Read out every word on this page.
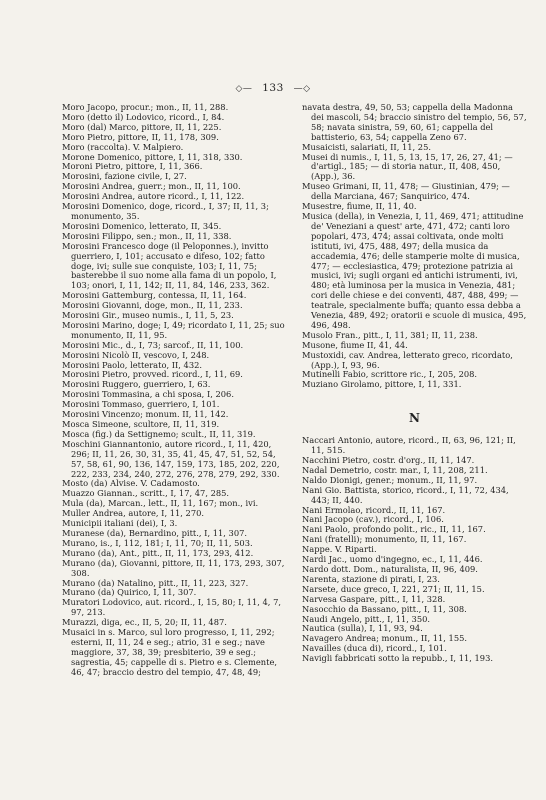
◇— 133 —◇

Moro Jacopo, procur.; mon., II, 11, 288.

Moro (detto il) Lodovico, ricord., I, 84.

Moro (dal) Marco, pittore, II, 11, 225.

Moro Pietro, pittore, II, 11, 178, 309.

Moro (raccolta). V. Malpiero.

Morone Domenico, pittore, I, 11, 318, 330.

Moroni Pietro, pittore, I, 11, 366.

Morosini, fazione civile, I, 27.

Morosini Andrea, guerr.; mon., II, 11, 100.

Morosini Andrea, autore ricord., I, 11, 122.

Morosini Domenico, doge, ricord., I, 37; II, 11, 3; monumento, 35.

Morosini Domenico, letterato, II, 345.

Morosini Filippo, sen.; mon., II, 11, 338.

Morosini Francesco doge (il Peloponnes.), invitto guerriero, I, 101; accusato e difeso, 102; fatto doge, ivi; sulle sue conquiste, 103; I, 11, 75; basterebbe il suo nome alla fama di un popolo, I, 103; onori, I, 11, 142; II, 11, 84, 146, 233, 362.

Morosini Gattemburg, contessa, II, 11, 164.

Morosini Giovanni, doge, mon., II, 11, 233.

Morosini Gir., museo numis., I, 11, 5, 23.

Morosini Marino, doge; I, 49; ricordato I, 11, 25; suo monumento, II, 11, 95.

Morosini Mic., d., I, 73; sarcof., II, 11, 100.

Morosini Nicolò II, vescovo, I, 248.

Morosini Paolo, letterato, II, 432.

Morosini Pietro, provved. ricord., I, 11, 69.

Morosini Ruggero, guerriero, I, 63.

Morosini Tommasina, a chi sposa, I, 206.

Morosini Tommaso, guerriero, I, 101.

Morosini Vincenzo; monum. II, 11, 142.

Mosca Simeone, scultore, II, 11, 319.

Mosca (fig.) da Settignemo; scult., II, 11, 319.

Moschini Giannantonio, autore ricord., I, 11, 420, 296; II, 11, 26, 30, 31, 35, 41, 45, 47, 51, 52, 54, 57, 58, 61, 90, 136, 147, 159, 173, 185, 202, 220, 222, 233, 234, 240, 272, 276, 278, 279, 292, 330.

Mosto (da) Alvise. V. Cadamosto.

Muazzo Giannan., scritt., I, 17, 47, 285.

Mula (da), Marcan., lett., II, 11, 167; mon., ivi.

Muller Andrea, autore, I, 11, 270.

Municipii italiani (dei), I, 3.

Muranese (da), Bernardino, pitt., I, 11, 307.

Murano, is., I, 112, 181; I, 11, 70; II, 11, 503.

Murano (da), Ant., pitt., II, 11, 173, 293, 412.

Murano (da), Giovanni, pittore, II, 11, 173, 293, 307, 308.

Murano (da) Natalino, pitt., II, 11, 223, 327.

Murano (da) Quirico, I, 11, 307.

Muratori Lodovico, aut. ricord., I, 15, 80; I, 11, 4, 7, 97, 213.

Murazzi, diga, ec., II, 5, 20; II, 11, 487.

Musaici in s. Marco, sul loro progresso, I, 11, 292; esterni, II, 11, 24 e seg.; atrio, 31 e seg.; nave maggiore, 37, 38, 39; presbiterio, 39 e seg.; sagrestia, 45; cappelle di s. Pietro e s. Clemente, 46, 47; braccio destro del tempio, 47, 48, 49;

navata destra, 49, 50, 53; cappella della Madonna dei mascoli, 54; braccio sinistro del tempio, 56, 57, 58; navata sinistra, 59, 60, 61; cappella del battisterio, 63, 54; cappella Zeno 67.

Musaicisti, salariati, II, 11, 25.

Musei di numis., I, 11, 5, 13, 15, 17, 26, 27, 41; — d'artigl., 185; — di storia natur., II, 408, 450, (App.), 36.

Museo Grimani, II, 11, 478; — Giustinian, 479; — della Marciana, 467; Sanquirico, 474.

Musestre, fiume, II, 11, 40.

Musica (della), in Venezia, I, 11, 469, 471; attitudine de' Veneziani a quest' arte, 471, 472; canti loro popolari, 473, 474; assai coltivata, onde molti istituti, ivi, 475, 488, 497; della musica da accademia, 476; delle stamperie molte di musica, 477; — ecclesiastica, 479; protezione patrizia ai musici, ivi; sugli organi ed antichi istrumenti, ivi, 480; età luminosa per la musica in Venezia, 481; cori delle chiese e dei conventi, 487, 488, 499; — teatrale, specialmente buffa; quanto essa debba a Venezia, 489, 492; oratorii e scuole di musica, 495, 496, 498.

Musolo Fran., pitt., I, 11, 381; II, 11, 238.

Musone, fiume II, 41, 44.

Mustoxidi, cav. Andrea, letterato greco, ricordato, (App.), I, 93, 96.

Mutinelli Fabio, scrittore ric., I, 205, 208.

Muziano Girolamo, pittore, I, 11, 331.

N

Naccari Antonio, autore, ricord., II, 63, 96, 121; II, 11, 515.

Nacchini Pietro, costr. d'org., II, 11, 147.

Nadal Demetrio, costr. mar., I, 11, 208, 211.

Naldo Dionigi, gener.; monum., II, 11, 97.

Nani Gio. Battista, storico, ricord., I, 11, 72, 434, 443; II, 440.

Nani Ermolao, ricord., II, 11, 167.

Nani Jacopo (cav.), ricord., I, 106.

Nani Paolo, profondo polit., ric., II, 11, 167.

Nani (fratelli); monumento, II, 11, 167.

Nappe. V. Riparti.

Nardi Jac., uomo d'ingegno, ec., I, 11, 446.

Nardo dott. Dom., naturalista, II, 96, 409.

Narenta, stazione di pirati, I, 23.

Narsete, duce greco, I, 221, 271; II, 11, 15.

Narvesa Gaspare, pitt., I, 11, 328.

Nasocchio da Bassano, pitt., I, 11, 308.

Naudi Angelo, pitt., I, 11, 350.

Nautica (sulla), I, 11, 93, 94.

Navagero Andrea; monum., II, 11, 155.

Navailles (duca di), ricord., I, 101.

Navigli fabbricati sotto la repubb., I, 11, 193.
